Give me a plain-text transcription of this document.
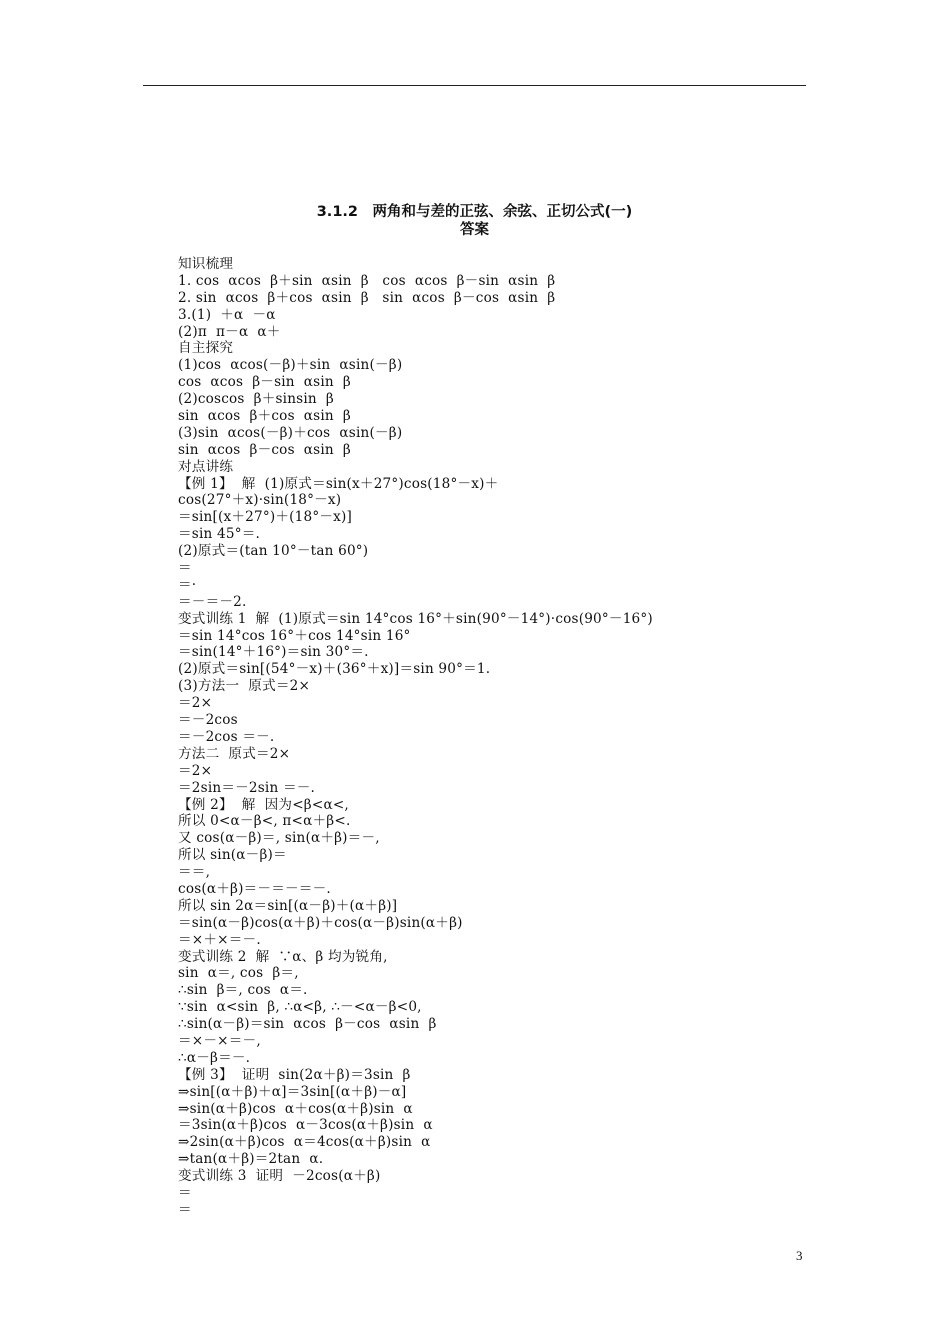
3.1.2　两角和与差的正弦、余弦、正切公式(一)
答案
知识梳理
1. cos  αcos  β＋sin  αsin  β   cos  αcos  β－sin  αsin  β
2. sin  αcos  β＋cos  αsin  β   sin  αcos  β－cos  αsin  β
3.(1)  ＋α  －α
(2)π  π－α  α＋
自主探究
(1)cos  αcos(－β)＋sin  αsin(－β)
cos  αcos  β－sin  αsin  β
(2)coscos  β＋sinsin  β
sin  αcos  β＋cos  αsin  β
(3)sin  αcos(－β)＋cos  αsin(－β)
sin  αcos  β－cos  αsin  β
对点讲练
【例 1】  解  (1)原式＝sin(x＋27°)cos(18°－x)＋
cos(27°＋x)·sin(18°－x)
＝sin[(x＋27°)＋(18°－x)]
＝sin 45°＝.
(2)原式＝(tan 10°－tan 60°)
＝
＝·
＝－＝－2.
变式训练 1  解  (1)原式＝sin 14°cos 16°＋sin(90°－14°)·cos(90°－16°)
＝sin 14°cos 16°＋cos 14°sin 16°
＝sin(14°＋16°)＝sin 30°＝.
(2)原式＝sin[(54°－x)＋(36°＋x)]＝sin 90°＝1.
(3)方法一  原式＝2×
＝2×
＝－2cos
＝－2cos ＝－.
方法二  原式＝2×
＝2×
＝2sin＝－2sin ＝－.
【例 2】  解  因为<β<α<,
所以 0<α－β<, π<α＋β<.
又 cos(α－β)＝, sin(α＋β)＝－,
所以 sin(α－β)＝
＝＝,
cos(α＋β)＝－＝－＝－.
所以 sin 2α＝sin[(α－β)＋(α＋β)]
＝sin(α－β)cos(α＋β)＋cos(α－β)sin(α＋β)
＝×＋×＝－.
变式训练 2  解  ∵α、β 均为锐角,
sin  α＝, cos  β＝,
∴sin  β＝, cos  α＝.
∵sin  α<sin  β, ∴α<β, ∴－<α－β<0,
∴sin(α－β)＝sin  αcos  β－cos  αsin  β
＝×－×＝－,
∴α－β＝－.
【例 3】  证明  sin(2α＋β)＝3sin  β
⇒sin[(α＋β)＋α]＝3sin[(α＋β)－α]
⇒sin(α＋β)cos  α＋cos(α＋β)sin  α
＝3sin(α＋β)cos  α－3cos(α＋β)sin  α
⇒2sin(α＋β)cos  α＝4cos(α＋β)sin  α
⇒tan(α＋β)＝2tan  α.
变式训练 3  证明  －2cos(α＋β)
＝
＝
3
